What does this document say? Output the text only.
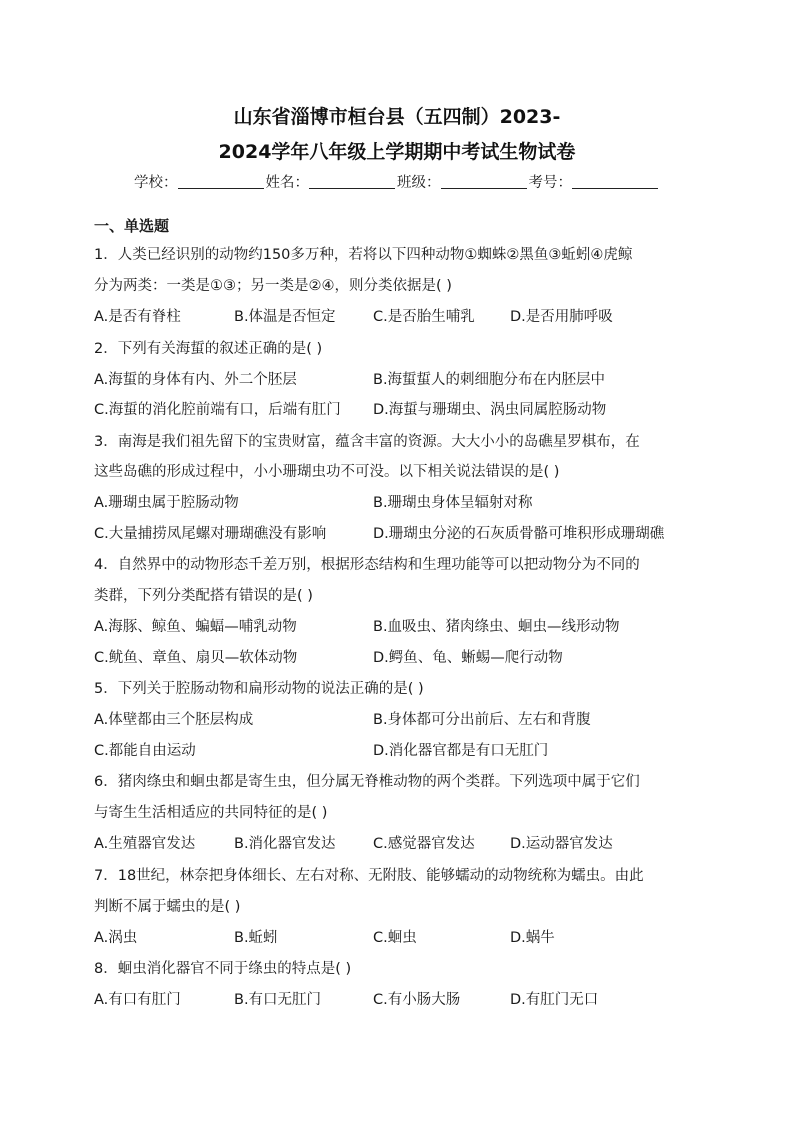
山东省淄博市桓台县（五四制）2023-
2024学年八年级上学期期中考试生物试卷
学校：	姓名：	班级：	考号：
一、单选题
1．人类已经识别的动物约150多万种，若将以下四种动物①蜘蛛②黑鱼③蚯蚓④虎鲸
分为两类：一类是①③；另一类是②④，则分类依据是( )
A.是否有脊柱	B.体温是否恒定	C.是否胎生哺乳 D.是否用肺呼吸
2．下列有关海蜇的叙述正确的是( )
A.海蜇的身体有内、外二个胚层	B.海蜇蜇人的刺细胞分布在内胚层中
C.海蜇的消化腔前端有口，后端有肛门 D.海蜇与珊瑚虫、涡虫同属腔肠动物
3．南海是我们祖先留下的宝贵财富，蕴含丰富的资源。大大小小的岛礁星罗棋布，在
这些岛礁的形成过程中，小小珊瑚虫功不可没。以下相关说法错误的是( )
A.珊瑚虫属于腔肠动物	B.珊瑚虫身体呈辐射对称
C.大量捕捞凤尾螺对珊瑚礁没有影响	D.珊瑚虫分泌的石灰质骨骼可堆积形成珊瑚礁
4．自然界中的动物形态千差万别，根据形态结构和生理功能等可以把动物分为不同的
类群，下列分类配搭有错误的是( )
A.海豚、鲸鱼、蝙蝠—哺乳动物	B.血吸虫、猪肉绦虫、蛔虫—线形动物
C.鱿鱼、章鱼、扇贝—软体动物	D.鳄鱼、龟、蜥蜴—爬行动物
5．下列关于腔肠动物和扁形动物的说法正确的是( )
A.体壁都由三个胚层构成	B.身体都可分出前后、左右和背腹
C.都能自由运动	D.消化器官都是有口无肛门
6．猪肉绦虫和蛔虫都是寄生虫，但分属无脊椎动物的两个类群。下列选项中属于它们
与寄生生活相适应的共同特征的是( )
A.生殖器官发达	B.消化器官发达	C.感觉器官发达 D.运动器官发达
7．18世纪，林奈把身体细长、左右对称、无附肢、能够蠕动的动物统称为蠕虫。由此
判断不属于蠕虫的是( )
A.涡虫	B.蚯蚓	C.蛔虫	D.蜗牛
8．蛔虫消化器官不同于绦虫的特点是( )
A.有口有肛门	B.有口无肛门	C.有小肠大肠	D.有肛门无口
